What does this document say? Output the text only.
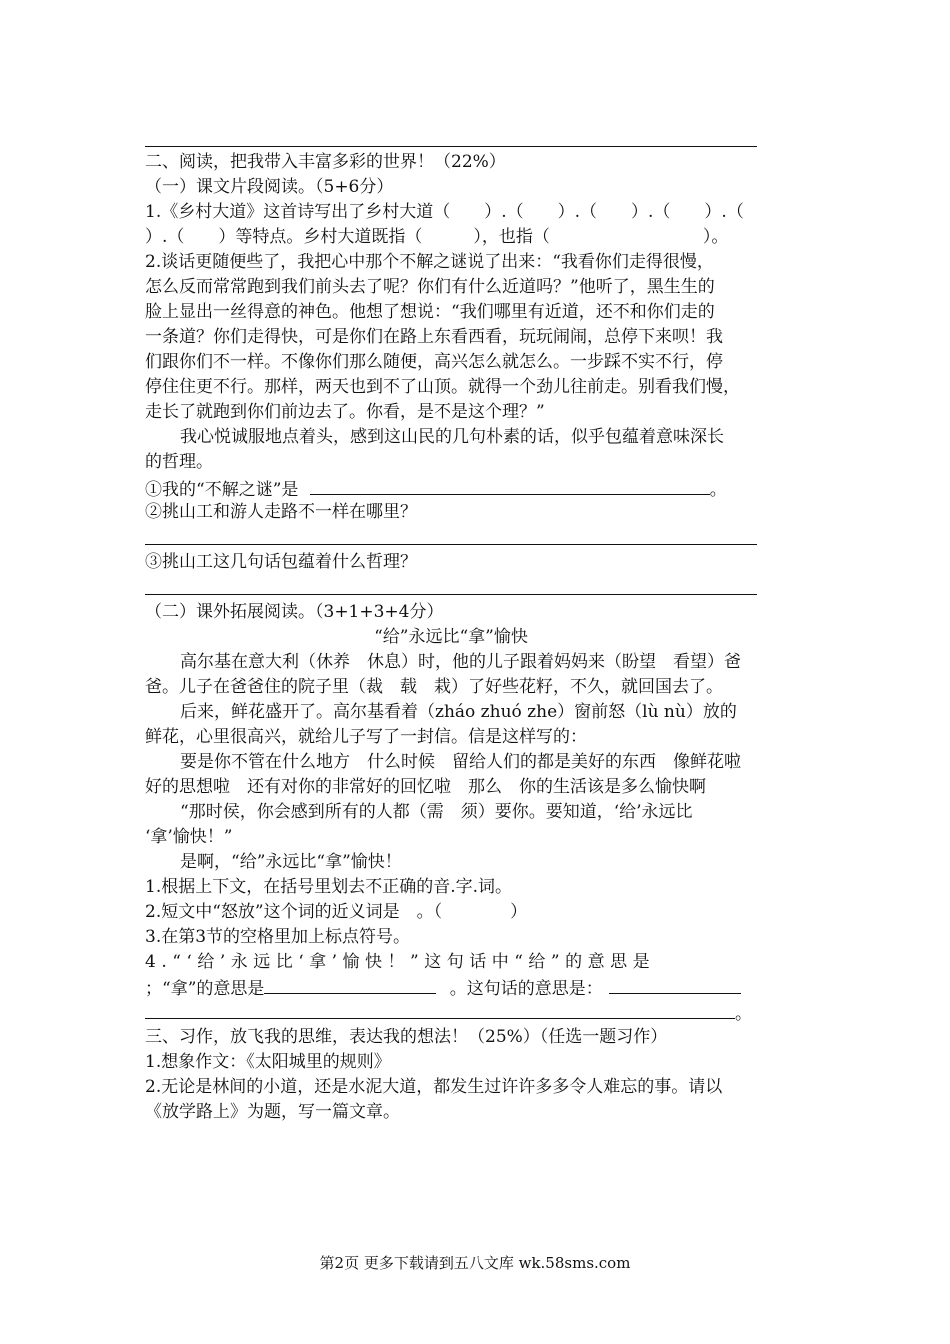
二、阅读，把我带入丰富多彩的世界！（22%）
（一）课文片段阅读。（5+6分）
1.《乡村大道》这首诗写出了乡村大道（　　）.（　　）.（　　）.（　　）.（
）.（　　）等特点。乡村大道既指（　　　），也指（　　　　　　　　　）。
2.谈话更随便些了，我把心中那个不解之谜说了出来：“我看你们走得很慢，
怎么反而常常跑到我们前头去了呢？你们有什么近道吗？”他听了，黑生生的
脸上显出一丝得意的神色。他想了想说：“我们哪里有近道，还不和你们走的
一条道？你们走得快，可是你们在路上东看西看，玩玩闹闹，总停下来呗！我
们跟你们不一样。不像你们那么随便，高兴怎么就怎么。一步踩不实不行，停
停住住更不行。那样，两天也到不了山顶。就得一个劲儿往前走。别看我们慢，
走长了就跑到你们前边去了。你看，是不是这个理？”
我心悦诚服地点着头，感到这山民的几句朴素的话，似乎包蕴着意味深长
的哲理。
①我的“不解之谜”是	。
②挑山工和游人走路不一样在哪里？
③挑山工这几句话包蕴着什么哲理？
（二）课外拓展阅读。（3+1+3+4分）
“给”永远比“拿”愉快
高尔基在意大利（休养　休息）时，他的儿子跟着妈妈来（盼望　看望）爸
爸。儿子在爸爸住的院子里（裁　载　栽）了好些花籽，不久，就回国去了。
后来，鲜花盛开了。高尔基看着（zháo zhuó zhe）窗前怒（lù nù）放的
鲜花，心里很高兴，就给儿子写了一封信。信是这样写的：
要是你不管在什么地方　什么时候　留给人们的都是美好的东西　像鲜花啦
好的思想啦　还有对你的非常好的回忆啦　那么　你的生活该是多么愉快啊
“那时侯，你会感到所有的人都（需　须）要你。要知道，‘给’永远比
‘拿’愉快！”
是啊，“给”永远比“拿”愉快！
1.根据上下文，在括号里划去不正确的音.字.词。
2.短文中“怒放”这个词的近义词是　。（　　　　）
3.在第3节的空格里加上标点符号。
4.“‘给’永远比‘拿’愉快！”这句话中“给”的意思是
；“拿”的意思是	。这句话的意思是：
。
三、习作，放飞我的思维，表达我的想法！（25%）（任选一题习作）
1.想象作文：《太阳城里的规则》
2.无论是林间的小道，还是水泥大道，都发生过许许多多令人难忘的事。请以
《放学路上》为题，写一篇文章。
第2页 更多下载请到五八文库 wk.58sms.com
